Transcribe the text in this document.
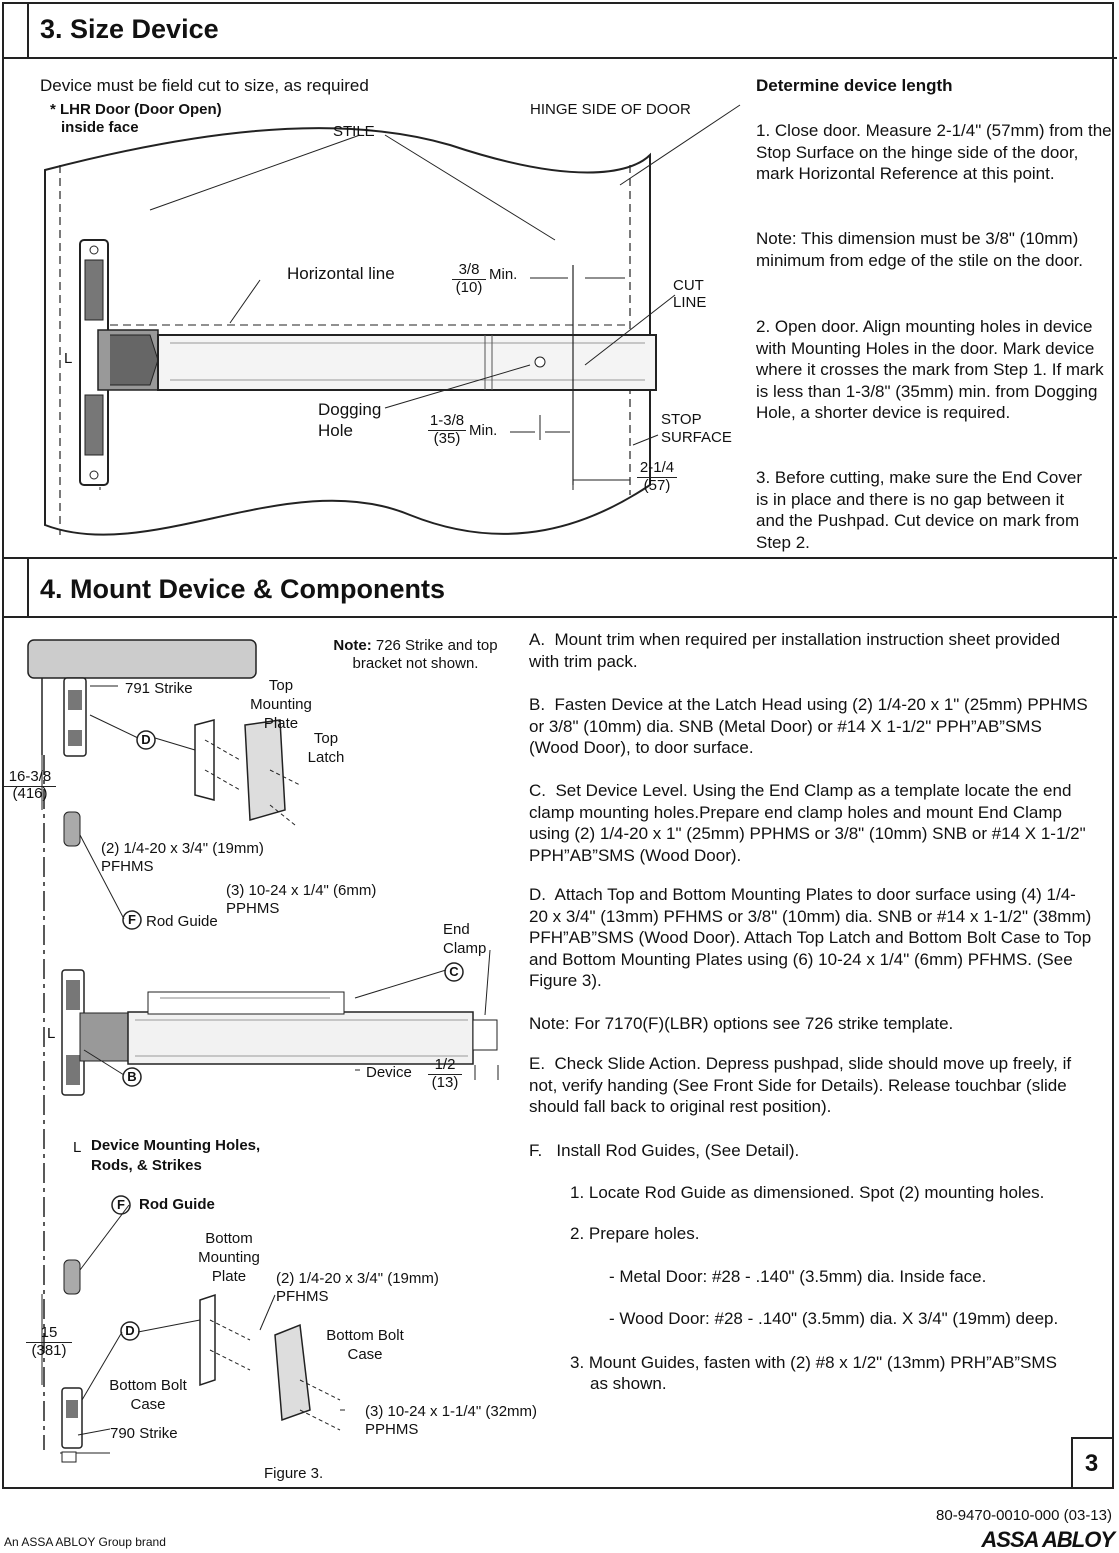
3. Size Device
Device must be field cut to size, as required
* LHR Door (Door Open)
inside face	STILE
HINGE SIDE OF DOOR
Horizontal line	3/8
(10)
Min.
CUT
LINE
Dogging
Hole
1-3/8
(35) Min.
STOP
SURFACE
2-1/4
(57)
L
Determine device length
1. Close door. Measure 2-1/4" (57mm) from the Stop Surface on the hinge side of the door, mark Horizontal Reference at this point.
Note: This dimension must be 3/8" (10mm) minimum from edge of the stile on the door.
2. Open door. Align mounting holes in device with Mounting Holes in the door. Mark device where it crosses the mark from Step 1. If mark is less than 1-3/8" (35mm) min. from Dogging Hole, a shorter device is required.
3. Before cutting, make sure the End Cover is in place and there is no gap between it and the Pushpad. Cut device on mark from Step 2.
4. Mount Device & Components
D
F
C
B
F
D
Note: 726 Strike and top
bracket not shown.
791 Strike	Top
Mounting
Plate
Top
Latch
16-3/8
(416)
(2) 1/4-20 x 3/4" (19mm)
PFHMS
(3) 10-24 x 1/4" (6mm)
PPHMS
Rod Guide	End
Clamp
Device	1/2
(13)
L
L Device Mounting Holes,
Rods, & Strikes
Rod Guide
Bottom
Mounting
Plate	(2) 1/4-20 x 3/4" (19mm)
PFHMS
Bottom Bolt
Case
15
(381)
Bottom Bolt
Case	(3) 10-24 x 1-1/4" (32mm)
PPHMS
790 Strike
Figure 3.
A.  Mount trim when required per installation instruction sheet provided with trim pack.
B.  Fasten Device at the Latch Head using (2) 1/4-20 x 1" (25mm) PPHMS or 3/8" (10mm) dia. SNB (Metal Door) or #14 X 1-1/2" PPH”AB”SMS (Wood Door), to door surface.
C.  Set Device Level. Using the End Clamp as a template locate the end clamp mounting holes.Prepare end clamp holes and mount End Clamp using (2) 1/4-20 x 1" (25mm) PPHMS or 3/8" (10mm) SNB or #14 X 1-1/2" PPH”AB”SMS (Wood Door).
D.  Attach Top and Bottom Mounting Plates to door surface using (4) 1/4-20 x 3/4" (13mm) PFHMS or 3/8" (10mm) dia. SNB or #14 x 1-1/2" (38mm) PFH”AB”SMS (Wood Door). Attach Top Latch and Bottom Bolt Case to Top and Bottom Mounting Plates using (6) 10-24 x 1/4" (6mm) PFHMS. (See Figure 3).
Note: For 7170(F)(LBR) options see 726 strike template.
E.  Check Slide Action. Depress pushpad, slide should move up freely, if not, verify handing (See Front Side for Details). Release touchbar (slide should fall back to original rest position).
F.   Install Rod Guides, (See Detail).
1. Locate Rod Guide as dimensioned. Spot (2) mounting holes.
2. Prepare holes.
- Metal Door: #28 - .140" (3.5mm) dia. Inside face.
- Wood Door: #28 - .140" (3.5mm) dia. X 3/4" (19mm) deep.
3. Mount Guides, fasten with (2) #8 x 1/2" (13mm) PRH”AB”SMS
as shown.
3
80-9470-0010-000 (03-13)
An ASSA ABLOY Group brand	ASSA ABLOY
